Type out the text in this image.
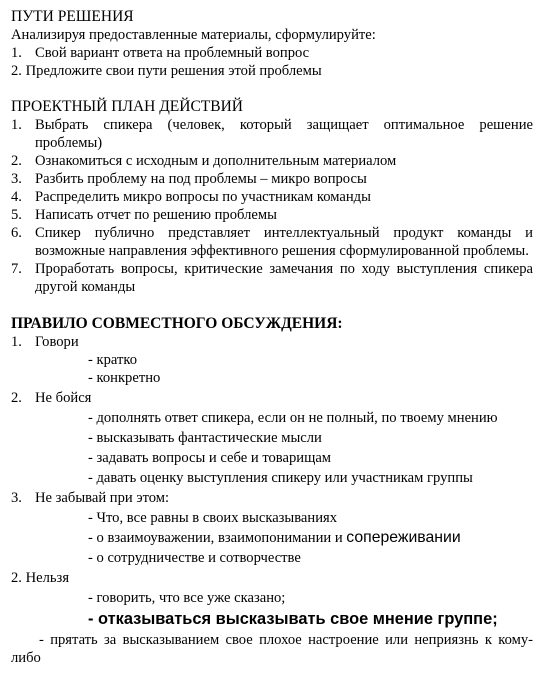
ПУТИ РЕШЕНИЯ
Анализируя предоставленные материалы, сформулируйте:
1. Свой вариант ответа на проблемный вопрос
2. Предложите свои пути решения этой проблемы
ПРОЕКТНЫЙ ПЛАН ДЕЙСТВИЙ
1. Выбрать спикера (человек, который защищает оптимальное решение проблемы)
2. Ознакомиться с исходным и дополнительным материалом
3. Разбить проблему на под проблемы – микро вопросы
4. Распределить микро вопросы по участникам команды
5. Написать отчет по решению проблемы
6. Спикер публично представляет интеллектуальный продукт команды и возможные направления эффективного решения сформулированной проблемы.
7. Проработать вопросы, критические замечания по ходу выступления спикера другой команды
ПРАВИЛО СОВМЕСТНОГО ОБСУЖДЕНИЯ:
1. Говори
- кратко
- конкретно
2. Не бойся
- дополнять ответ спикера, если он не полный, по твоему мнению
- высказывать фантастические мысли
- задавать вопросы и себе и товарищам
- давать оценку выступления спикеру или участникам группы
3. Не забывай при этом:
- Что, все равны в своих высказываниях
- о взаимоуважении, взаимопонимании и сопереживании
- о сотрудничестве и сотворчестве
2. Нельзя
- говорить, что все уже сказано;
- отказываться высказывать свое мнение группе;
- прятать за высказыванием свое плохое настроение или неприязнь к кому-либо
